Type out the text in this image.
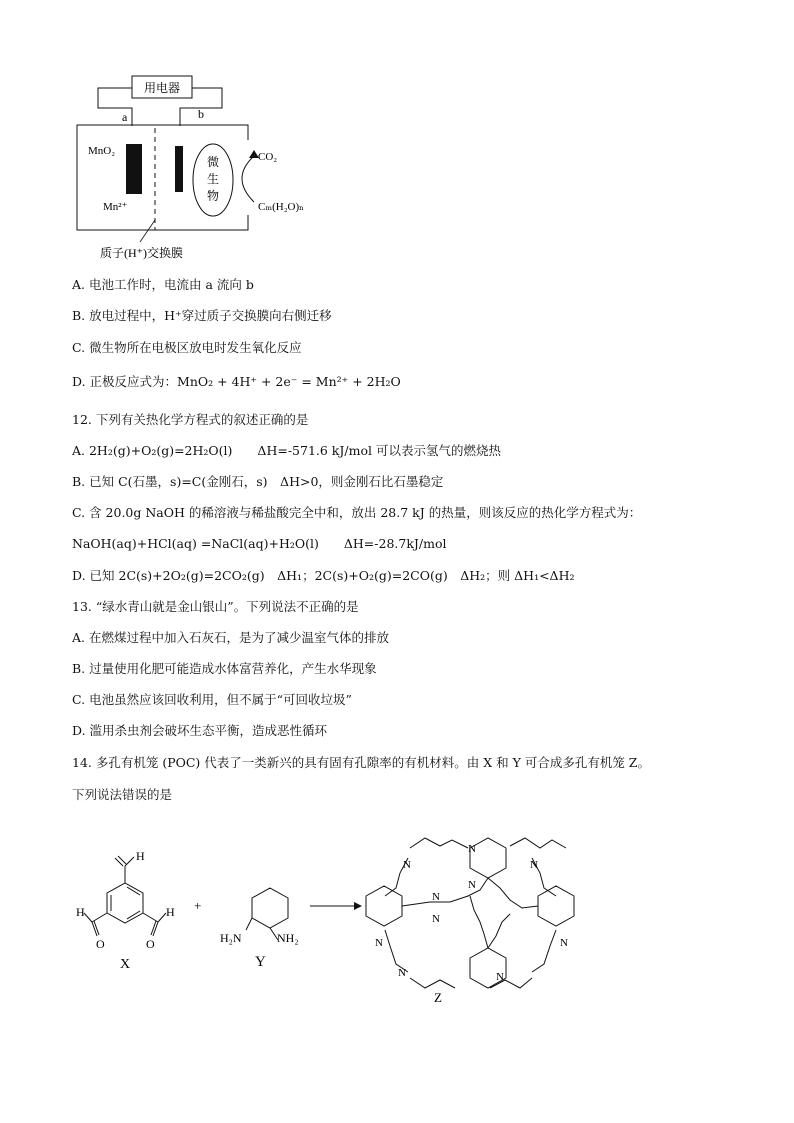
用电器
a	b
MnO₂
Mn²⁺
微
生
物
CO₂
Cₘ(H₂O)ₙ
质子(H⁺)交换膜
A. 电池工作时，电流由 a 流向 b
B. 放电过程中，H⁺穿过质子交换膜向右侧迁移
C. 微生物所在电极区放电时发生氧化反应
D. 正极反应式为：MnO₂ + 4H⁺ + 2e⁻ = Mn²⁺ + 2H₂O
12. 下列有关热化学方程式的叙述正确的是
A. 2H₂(g)+O₂(g)=2H₂O(l)　　ΔH=-571.6 kJ/mol 可以表示氢气的燃烧热
B. 已知 C(石墨，s)=C(金刚石，s)　ΔH>0，则金刚石比石墨稳定
C. 含 20.0g NaOH 的稀溶液与稀盐酸完全中和，放出 28.7 kJ 的热量，则该反应的热化学方程式为：
NaOH(aq)+HCl(aq) =NaCl(aq)+H₂O(l)　　ΔH=-28.7kJ/mol
D. 已知 2C(s)+2O₂(g)=2CO₂(g)　ΔH₁；2C(s)+O₂(g)=2CO(g)　ΔH₂；则 ΔH₁<ΔH₂
13. “绿水青山就是金山银山”。下列说法不正确的是
A. 在燃煤过程中加入石灰石，是为了减少温室气体的排放
B. 过量使用化肥可能造成水体富营养化，产生水华现象
C. 电池虽然应该回收利用，但不属于“可回收垃圾”
D. 滥用杀虫剂会破坏生态平衡，造成恶性循环
14. 多孔有机笼 (POC) 代表了一类新兴的具有固有孔隙率的有机材料。由 X 和 Y 可合成多孔有机笼 Z。
下列说法错误的是
H
H	H
O	O
X
+
H₂N	NH₂
Y
N
N	N
N
N
N
N	N
N	N
Z
